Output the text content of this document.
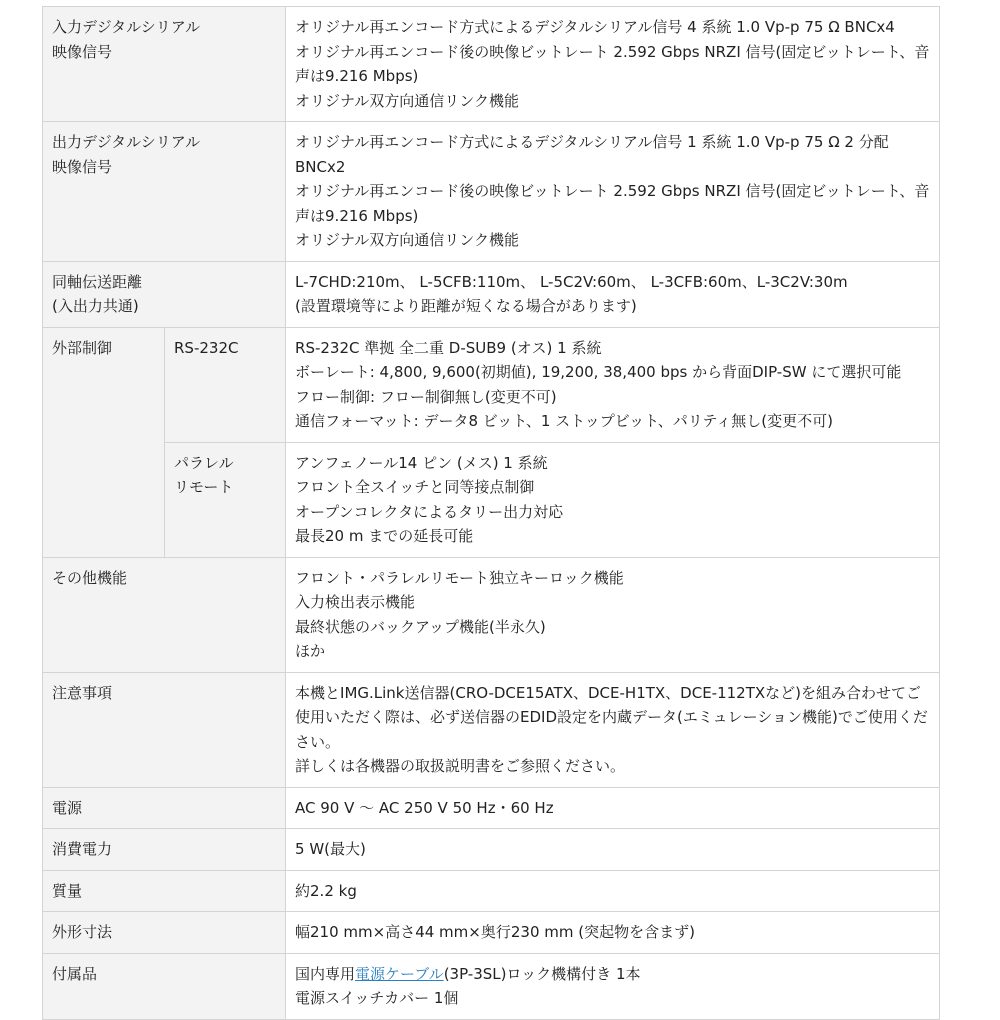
入力デジタルシリアル
映像信号		オリジナル再エンコード方式によるデジタルシリアル信号 4 系統 1.0 Vp-p 75 Ω BNCx4
オリジナル再エンコード後の映像ビットレート 2.592 Gbps NRZI 信号(固定ビットレート、音声は9.216 Mbps)
オリジナル双方向通信リンク機能

出力デジタルシリアル
映像信号		オリジナル再エンコード方式によるデジタルシリアル信号 1 系統 1.0 Vp-p 75 Ω 2 分配 BNCx2
オリジナル再エンコード後の映像ビットレート 2.592 Gbps NRZI 信号(固定ビットレート、音声は9.216 Mbps)
オリジナル双方向通信リンク機能

同軸伝送距離
(入出力共通)		L-7CHD:210m、 L-5CFB:110m、 L-5C2V:60m、 L-3CFB:60m、L-3C2V:30m
(設置環境等により距離が短くなる場合があります)

外部制御	RS-232C	RS-232C 準拠 全二重 D-SUB9 (オス) 1 系統
ボーレート: 4,800, 9,600(初期値), 19,200, 38,400 bps から背面DIP-SW にて選択可能
フロー制御: フロー制御無し(変更不可)
通信フォーマット: データ8 ビット、1 ストップビット、パリティ無し(変更不可)

	パラレル
リモート	アンフェノール14 ピン (メス) 1 系統
フロント全スイッチと同等接点制御
オープンコレクタによるタリー出力対応
最長20 m までの延長可能

その他機能		フロント・パラレルリモート独立キーロック機能
入力検出表示機能
最終状態のバックアップ機能(半永久)
ほか

注意事項		本機とIMG.Link送信器(CRO-DCE15ATX、DCE-H1TX、DCE-112TXなど)を組み合わせてご使用いただく際は、必ず送信器のEDID設定を内蔵データ(エミュレーション機能)でご使用ください。
詳しくは各機器の取扱説明書をご参照ください。

電源		AC 90 V 〜 AC 250 V 50 Hz・60 Hz

消費電力		5 W(最大)

質量		約2.2 kg

外形寸法		幅210 mm×高さ44 mm×奥行230 mm (突起物を含まず)

付属品		国内専用電源ケーブル(3P-3SL)ロック機構付き 1本
電源スイッチカバー 1個
